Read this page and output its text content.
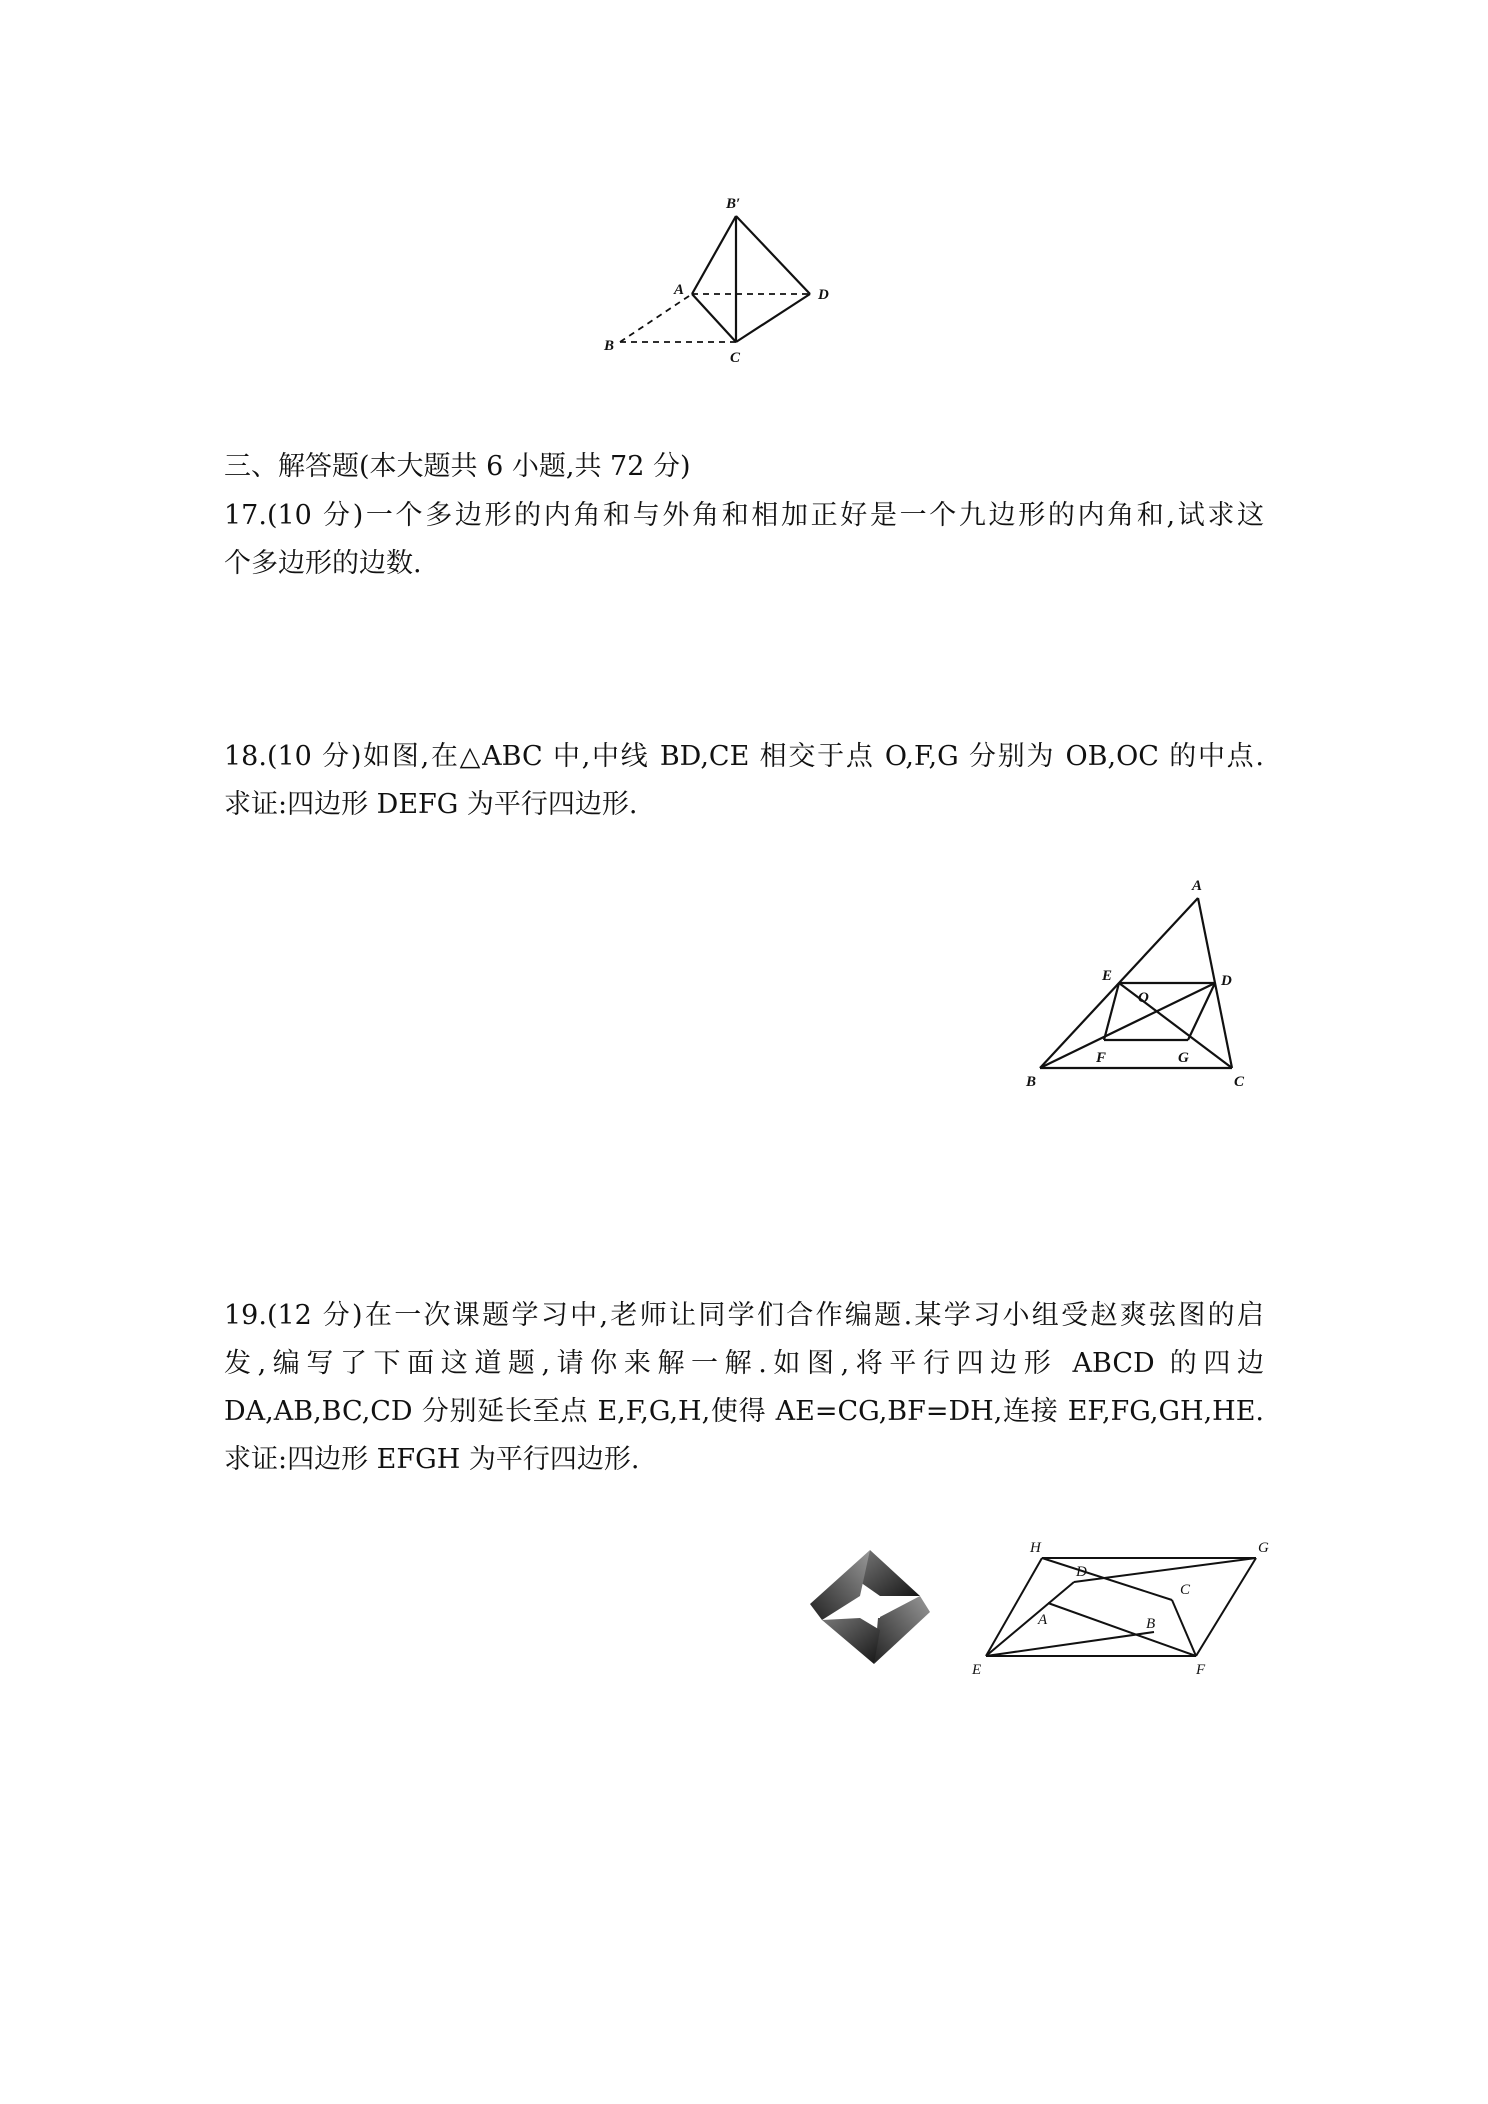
B′
A	D
B
C
三、解答题(本大题共 6 小题,共 72 分)
17.(10 分)一个多边形的内角和与外角和相加正好是一个九边形的内角和,试求这
个多边形的边数.
18.(10 分)如图,在△ABC 中,中线 BD,CE 相交于点 O,F,G 分别为 OB,OC 的中点.
求证:四边形 DEFG 为平行四边形.
A
E	D
O
F	G
B	C
19.(12 分)在一次课题学习中,老师让同学们合作编题.某学习小组受赵爽弦图的启
发,编写了下面这道题,请你来解一解.如图,将平行四边形 ABCD 的四边
DA,AB,BC,CD 分别延长至点 E,F,G,H,使得 AE=CG,BF=DH,连接 EF,FG,GH,HE.
求证:四边形 EFGH 为平行四边形.
H	G
D
C
A	B
E	F
